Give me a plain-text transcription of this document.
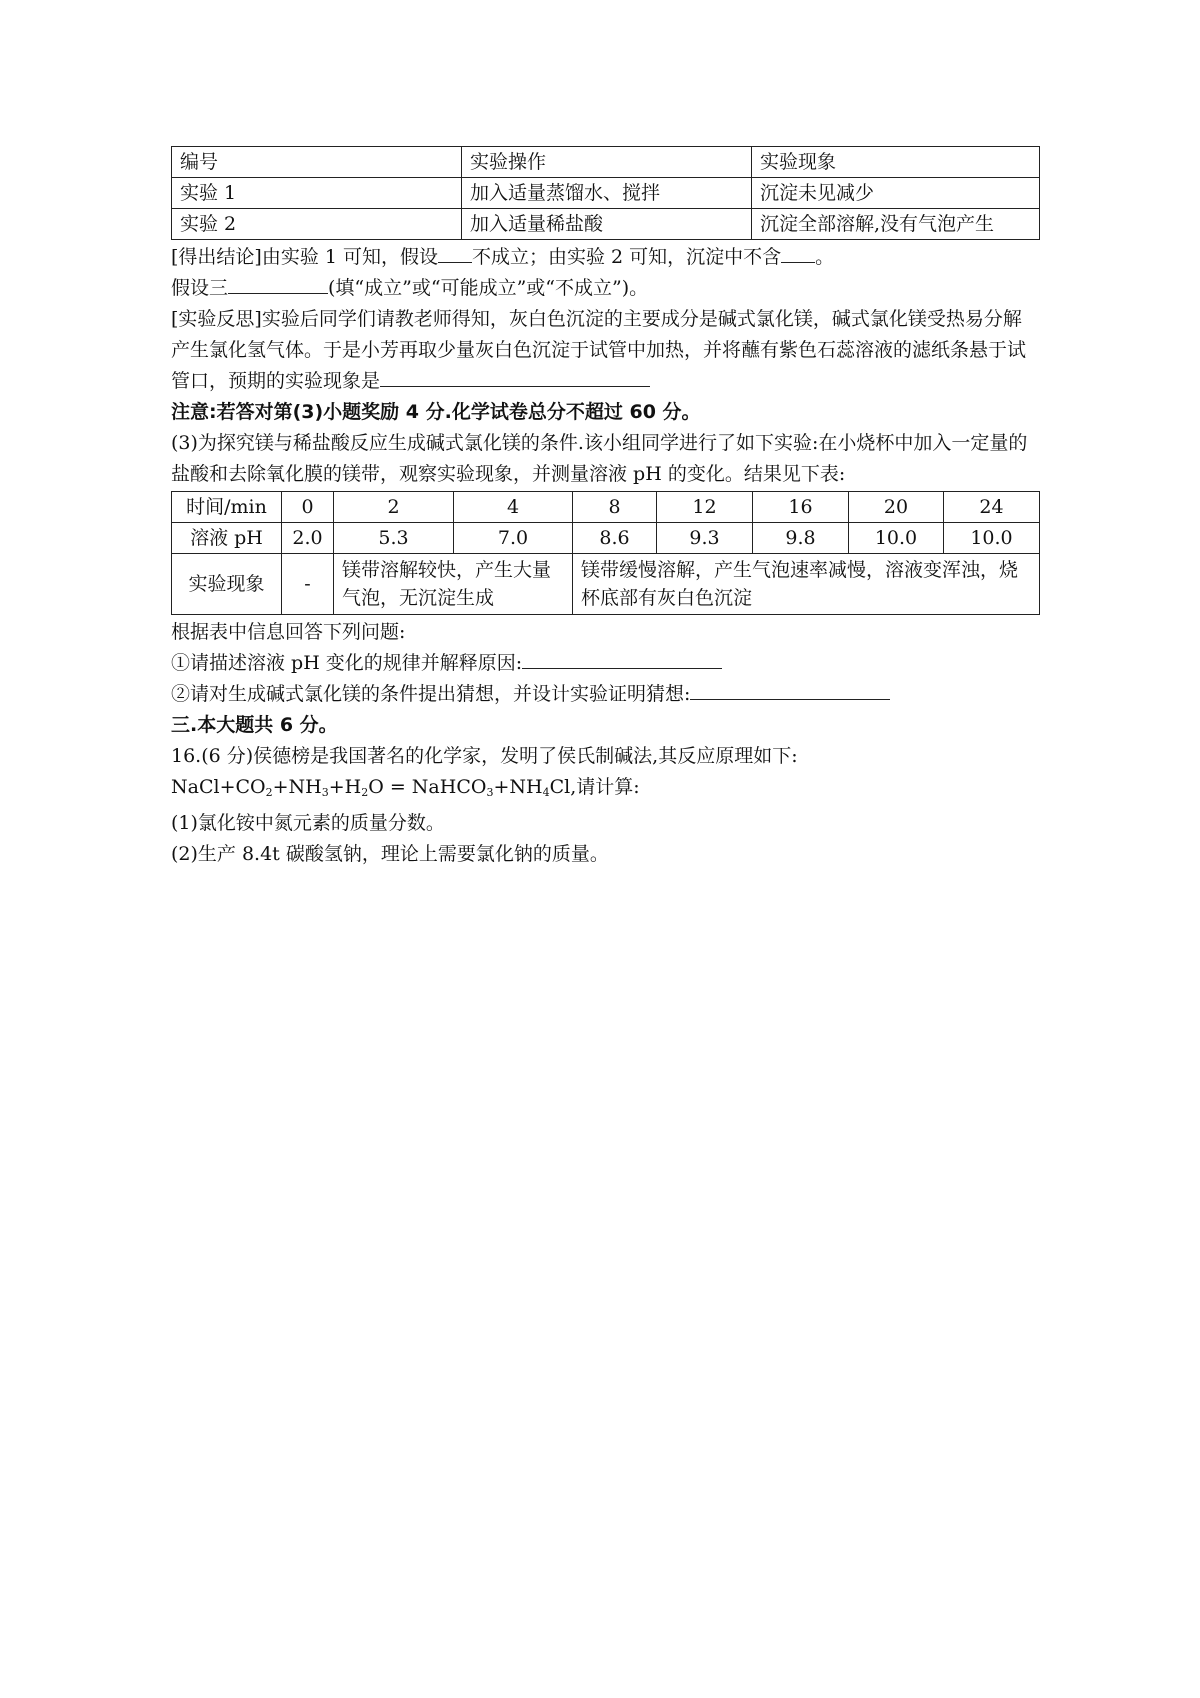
编号	实验操作	实验现象
实验 1	加入适量蒸馏水、搅拌	沉淀未见减少
实验 2	加入适量稀盐酸	沉淀全部溶解,没有气泡产生

[得出结论]由实验 1 可知，假设 不成立；由实验 2 可知，沉淀中不含 。

假设三	(填“成立”或“可能成立”或“不成立”)。

[实验反思]实验后同学们请教老师得知，灰白色沉淀的主要成分是碱式氯化镁，碱式氯化镁受热易分解产生氯化氢气体。于是小芳再取少量灰白色沉淀于试管中加热，并将蘸有紫色石蕊溶液的滤纸条悬于试管口，预期的实验现象是

注意:若答对第(3)小题奖励 4 分.化学试卷总分不超过 60 分。

(3)为探究镁与稀盐酸反应生成碱式氯化镁的条件.该小组同学进行了如下实验:在小烧杯中加入一定量的盐酸和去除氧化膜的镁带，观察实验现象，并测量溶液 pH 的变化。结果见下表:

时间/min	0	2	4	8	12	16	20	24
溶液 pH	2.0	5.3	7.0	8.6	9.3	9.8	10.0	10.0
实验现象	-	镁带溶解较快，产生大量气泡，无沉淀生成		镁带缓慢溶解，产生气泡速率减慢，溶液变浑浊，烧杯底部有灰白色沉淀				

根据表中信息回答下列问题:

①请描述溶液 pH 变化的规律并解释原因:

②请对生成碱式氯化镁的条件提出猜想，并设计实验证明猜想:

三.本大题共 6 分。

16.(6 分)侯德榜是我国著名的化学家，发明了侯氏制碱法,其反应原理如下:

$NaCl+CO_2+NH_3+H_2O$ = $NaHCO_3+NH_4Cl$,请计算:

(1)氯化铵中氮元素的质量分数。

(2)生产 8.4t 碳酸氢钠，理论上需要氯化钠的质量。
